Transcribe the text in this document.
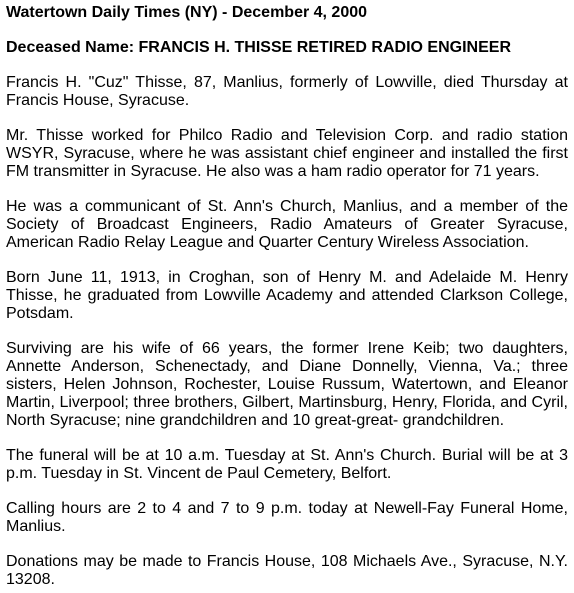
Watertown Daily Times (NY) - December 4, 2000
Deceased Name: FRANCIS H. THISSE RETIRED RADIO ENGINEER

Francis H. "Cuz" Thisse, 87, Manlius, formerly of Lowville, died Thursday at Francis House, Syracuse.

Mr. Thisse worked for Philco Radio and Television Corp. and radio station WSYR, Syracuse, where he was assistant chief engineer and installed the first FM transmitter in Syracuse. He also was a ham radio operator for 71 years.

He was a communicant of St. Ann's Church, Manlius, and a member of the Society of Broadcast Engineers, Radio Amateurs of Greater Syracuse, American Radio Relay League and Quarter Century Wireless Association.

Born June 11, 1913, in Croghan, son of Henry M. and Adelaide M. Henry Thisse, he graduated from Lowville Academy and attended Clarkson College, Potsdam.

Surviving are his wife of 66 years, the former Irene Keib; two daughters, Annette Anderson, Schenectady, and Diane Donnelly, Vienna, Va.; three sisters, Helen Johnson, Rochester, Louise Russum, Watertown, and Eleanor Martin, Liverpool; three brothers, Gilbert, Martinsburg, Henry, Florida, and Cyril, North Syracuse; nine grandchildren and 10 great-great- grandchildren.

The funeral will be at 10 a.m. Tuesday at St. Ann's Church. Burial will be at 3 p.m. Tuesday in St. Vincent de Paul Cemetery, Belfort.

Calling hours are 2 to 4 and 7 to 9 p.m. today at Newell-Fay Funeral Home, Manlius.

Donations may be made to Francis House, 108 Michaels Ave., Syracuse, N.Y. 13208.
